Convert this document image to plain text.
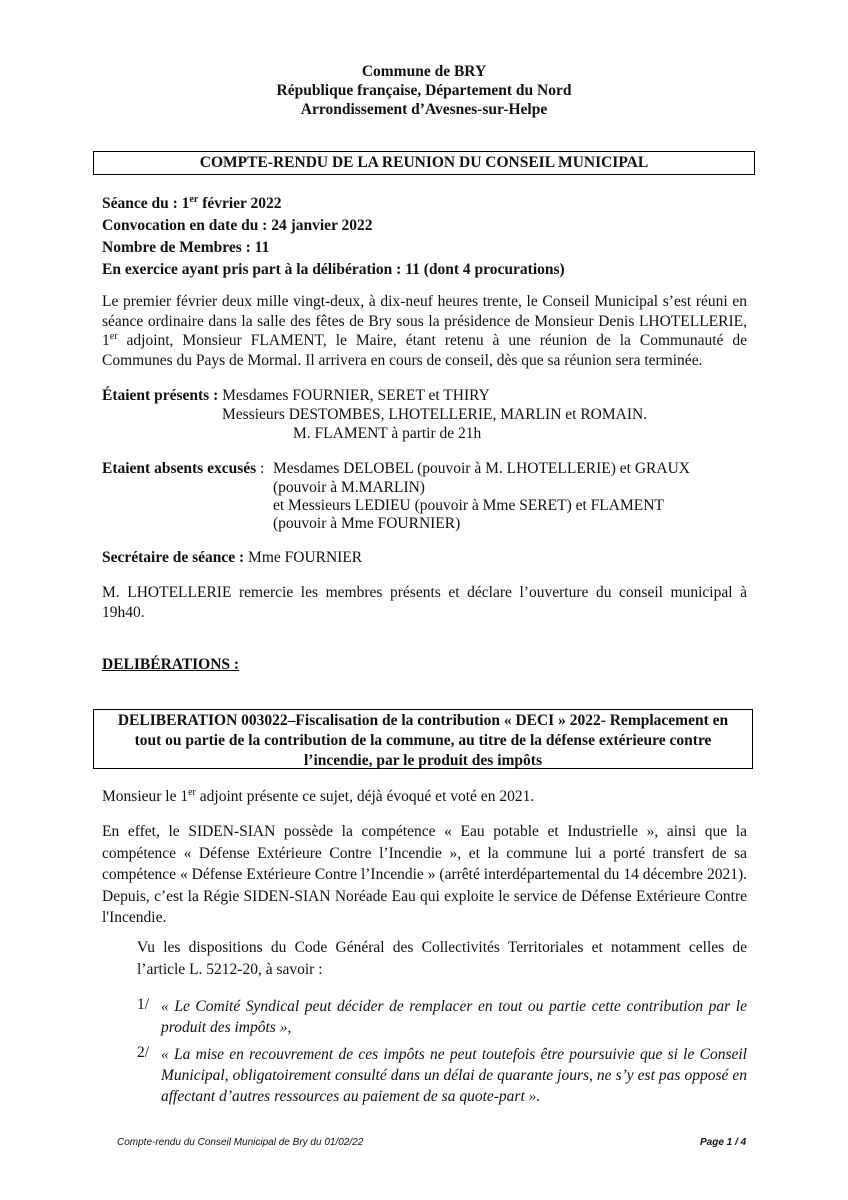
Commune de BRY
République française, Département du Nord
Arrondissement d’Avesnes-sur-Helpe
COMPTE-RENDU DE LA REUNION DU CONSEIL MUNICIPAL
Séance du : 1er février 2022
Convocation en date du : 24 janvier 2022
Nombre de Membres : 11
En exercice ayant pris part à la délibération : 11 (dont 4 procurations)
Le premier février deux mille vingt-deux, à dix-neuf heures trente, le Conseil Municipal s’est réuni en séance ordinaire dans la salle des fêtes de Bry sous la présidence de Monsieur Denis LHOTELLERIE, 1er adjoint, Monsieur FLAMENT, le Maire, étant retenu à une réunion de la Communauté de Communes du Pays de Mormal. Il arrivera en cours de conseil, dès que sa réunion sera terminée.
Étaient présents : Mesdames FOURNIER, SERET et THIRY
Messieurs DESTOMBES, LHOTELLERIE, MARLIN et ROMAIN.
M. FLAMENT à partir de 21h
Etaient absents excusés : Mesdames DELOBEL (pouvoir à M. LHOTELLERIE) et GRAUX
(pouvoir à M.MARLIN)
et Messieurs LEDIEU (pouvoir à Mme SERET) et FLAMENT
(pouvoir à Mme FOURNIER)
Secrétaire de séance : Mme FOURNIER
M. LHOTELLERIE remercie les membres présents et déclare l’ouverture du conseil municipal à 19h40.
DELIBÉRATIONS :
DELIBERATION 003022–Fiscalisation de la contribution « DECI » 2022- Remplacement en
tout ou partie de la contribution de la commune, au titre de la défense extérieure contre
l’incendie, par le produit des impôts
Monsieur le 1er adjoint présente ce sujet, déjà évoqué et voté en 2021.
En effet, le SIDEN-SIAN possède la compétence « Eau potable et Industrielle », ainsi que la compétence « Défense Extérieure Contre l’Incendie », et la commune lui a porté transfert de sa compétence « Défense Extérieure Contre l’Incendie » (arrêté interdépartemental du 14 décembre 2021). Depuis, c’est la Régie SIDEN-SIAN Noréade Eau qui exploite le service de Défense Extérieure Contre l'Incendie.
Vu les dispositions du Code Général des Collectivités Territoriales et notamment celles de l’article L. 5212-20, à savoir :
1/ « Le Comité Syndical peut décider de remplacer en tout ou partie cette contribution par le produit des impôts »,
2/ « La mise en recouvrement de ces impôts ne peut toutefois être poursuivie que si le Conseil Municipal, obligatoirement consulté dans un délai de quarante jours, ne s’y est pas opposé en affectant d’autres ressources au paiement de sa quote-part ».
Compte-rendu du Conseil Municipal de Bry du 01/02/22	Page 1 / 4
